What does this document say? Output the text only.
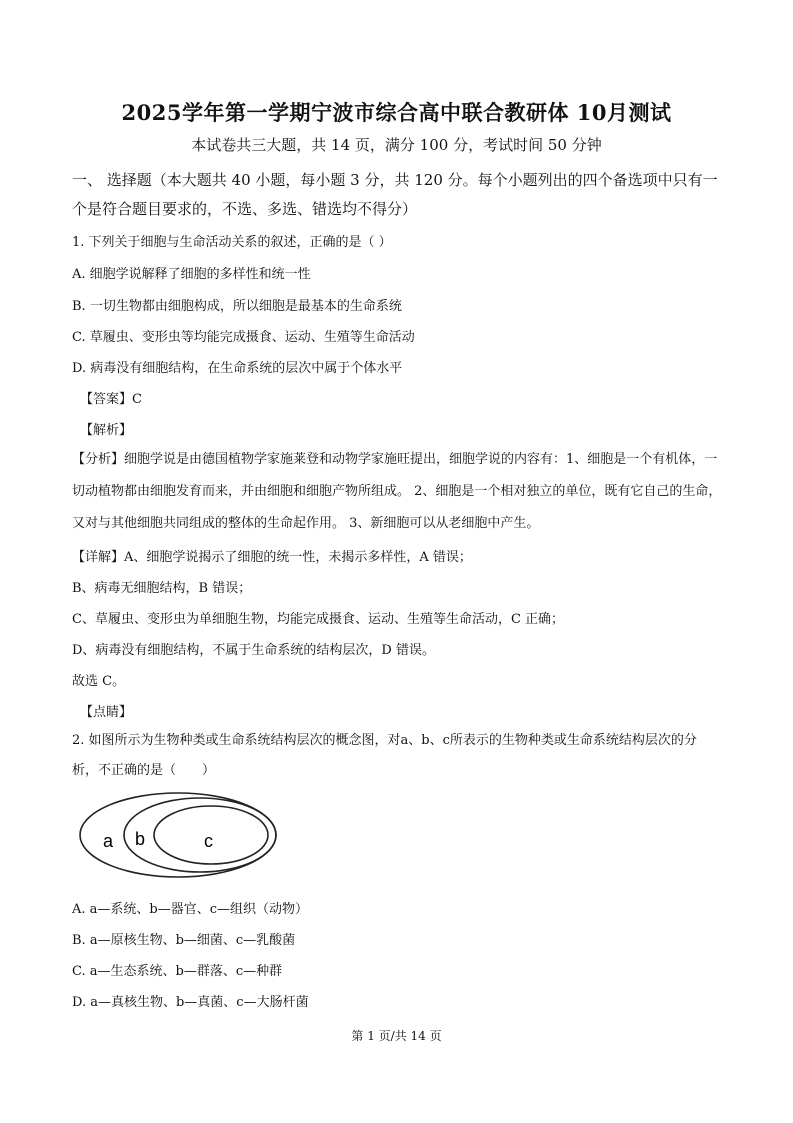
2025学年第一学期宁波市综合高中联合教研体 10月测试
本试卷共三大题，共 14 页，满分 100 分，考试时间 50 分钟
一、 选择题（本大题共 40 小题，每小题 3 分，共 120 分。每个小题列出的四个备选项中只有一个是符合题目要求的，不选、多选、错选均不得分）
1. 下列关于细胞与生命活动关系的叙述，正确的是（ ）
A. 细胞学说解释了细胞的多样性和统一性
B. 一切生物都由细胞构成，所以细胞是最基本的生命系统
C. 草履虫、变形虫等均能完成摄食、运动、生殖等生命活动
D. 病毒没有细胞结构，在生命系统的层次中属于个体水平
【答案】C
【解析】
【分析】细胞学说是由德国植物学家施莱登和动物学家施旺提出，细胞学说的内容有：1、细胞是一个有机体，一切动植物都由细胞发育而来，并由细胞和细胞产物所组成。 2、细胞是一个相对独立的单位，既有它自己的生命，又对与其他细胞共同组成的整体的生命起作用。 3、新细胞可以从老细胞中产生。
【详解】A、细胞学说揭示了细胞的统一性，未揭示多样性，A 错误；
B、病毒无细胞结构，B 错误；
C、草履虫、变形虫为单细胞生物，均能完成摄食、运动、生殖等生命活动，C 正确；
D、病毒没有细胞结构，不属于生命系统的结构层次，D 错误。
故选 C。
【点睛】
2. 如图所示为生物种类或生命系统结构层次的概念图，对a、b、c所表示的生物种类或生命系统结构层次的分析，不正确的是（　　）
a b	c
A. a—系统、b—器官、c—组织（动物）
B. a—原核生物、b—细菌、c—乳酸菌
C. a—生态系统、b—群落、c—种群
D. a—真核生物、b—真菌、c—大肠杆菌
第 1 页/共 14 页
